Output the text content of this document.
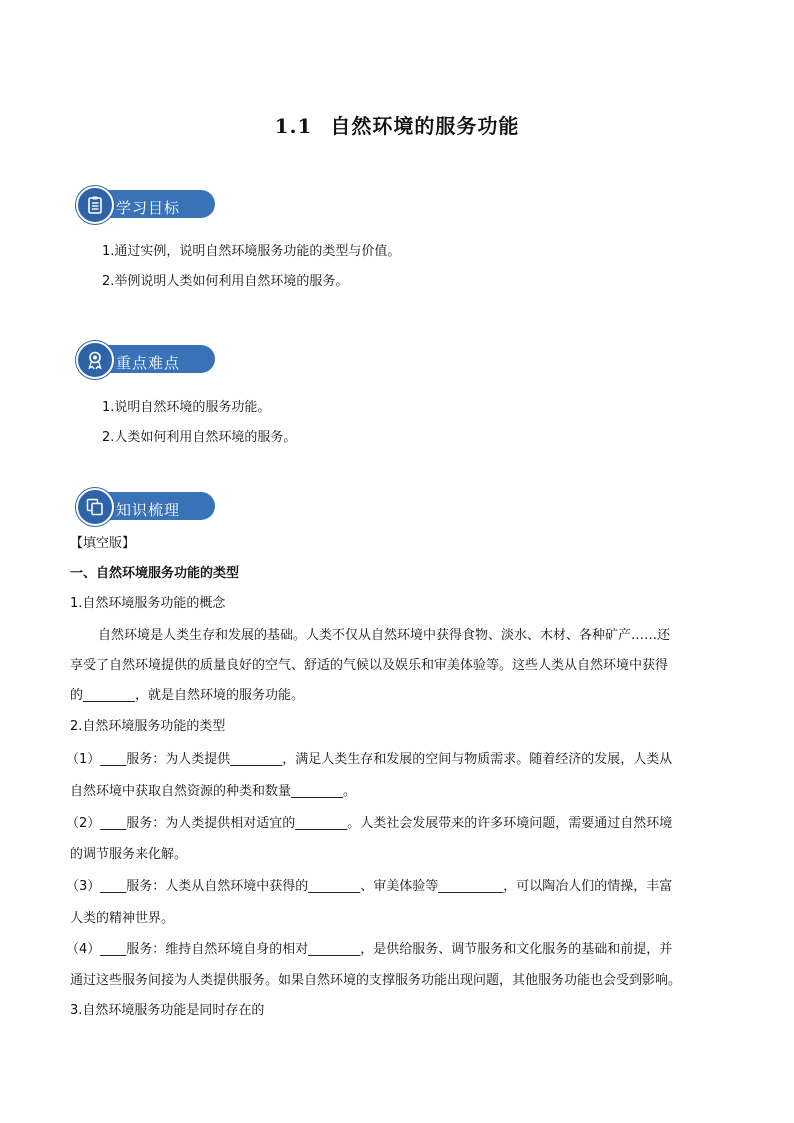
1.1 自然环境的服务功能
学习目标
1.通过实例，说明自然环境服务功能的类型与价值。
2.举例说明人类如何利用自然环境的服务。
重点难点
1.说明自然环境的服务功能。
2.人类如何利用自然环境的服务。
知识梳理
【填空版】
一、自然环境服务功能的类型
1.自然环境服务功能的概念
自然环境是人类生存和发展的基础。人类不仅从自然环境中获得食物、淡水、木材、各种矿产……还
享受了自然环境提供的质量良好的空气、舒适的气候以及娱乐和审美体验等。这些人类从自然环境中获得
的________，就是自然环境的服务功能。
2.自然环境服务功能的类型
（1）____服务：为人类提供________，满足人类生存和发展的空间与物质需求。随着经济的发展，人类从
自然环境中获取自然资源的种类和数量________。
（2）____服务：为人类提供相对适宜的________。人类社会发展带来的许多环境问题，需要通过自然环境
的调节服务来化解。
（3）____服务：人类从自然环境中获得的________、审美体验等__________，可以陶冶人们的情操，丰富
人类的精神世界。
（4）____服务：维持自然环境自身的相对________，是供给服务、调节服务和文化服务的基础和前提，并
通过这些服务间接为人类提供服务。如果自然环境的支撑服务功能出现问题，其他服务功能也会受到影响。
3.自然环境服务功能是同时存在的
